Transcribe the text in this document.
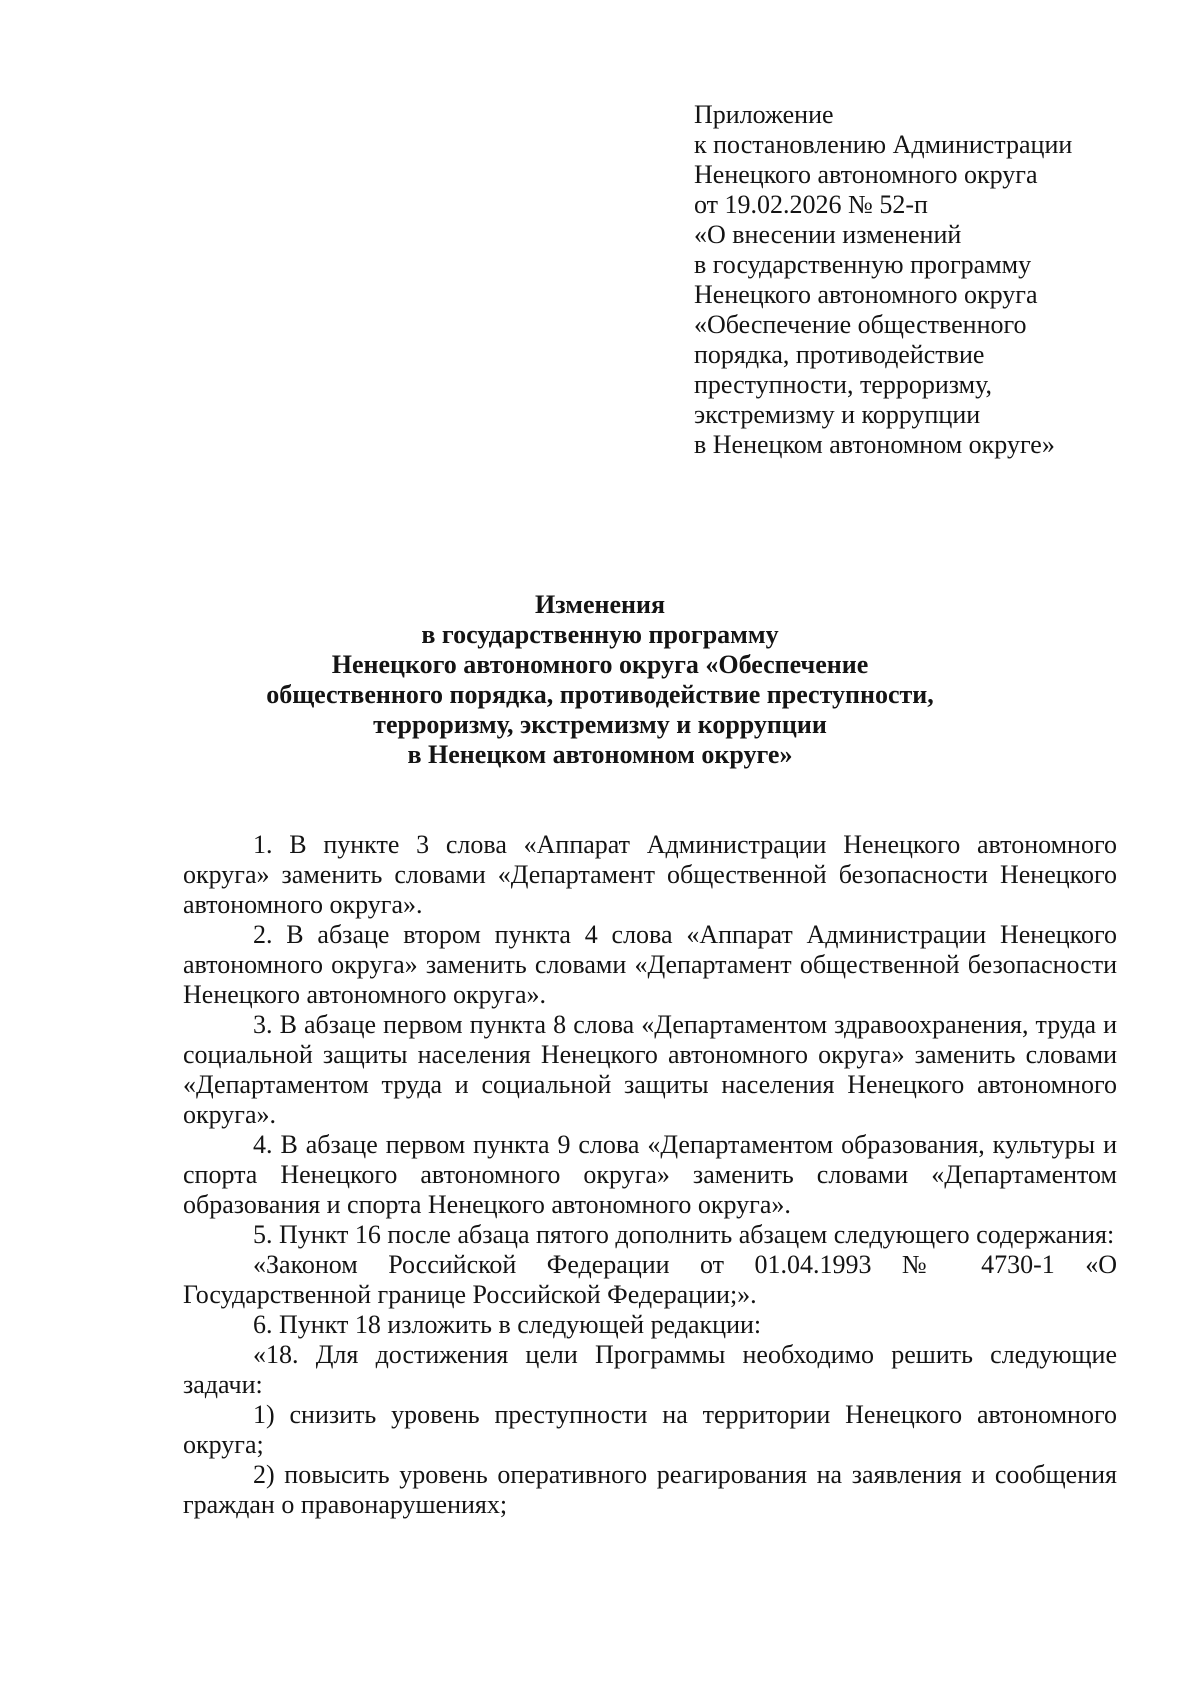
Приложение
к постановлению Администрации
Ненецкого автономного округа
от 19.02.2026 № 52-п
«О внесении изменений
в государственную программу
Ненецкого автономного округа
«Обеспечение общественного
порядка, противодействие
преступности, терроризму,
экстремизму и коррупции
в Ненецком автономном округе»
Изменения
в государственную программу
Ненецкого автономного округа «Обеспечение
общественного порядка, противодействие преступности,
терроризму, экстремизму и коррупции
в Ненецком автономном округе»

1. В пункте 3 слова «Аппарат Администрации Ненецкого автономного округа» заменить словами «Департамент общественной безопасности Ненецкого автономного округа».

2. В абзаце втором пункта 4 слова «Аппарат Администрации Ненецкого автономного округа» заменить словами «Департамент общественной безопасности Ненецкого автономного округа».

3. В абзаце первом пункта 8 слова «Департаментом здравоохранения, труда и социальной защиты населения Ненецкого автономного округа» заменить словами «Департаментом труда и социальной защиты населения Ненецкого автономного округа».

4. В абзаце первом пункта 9 слова «Департаментом образования, культуры и спорта Ненецкого автономного округа» заменить словами «Департаментом образования и спорта Ненецкого автономного округа».

5. Пункт 16 после абзаца пятого дополнить абзацем следующего содержания:

«Законом Российской Федерации от 01.04.1993 № 4730-1 «О Государственной границе Российской Федерации;».

6. Пункт 18 изложить в следующей редакции:

«18. Для достижения цели Программы необходимо решить следующие задачи:

1) снизить уровень преступности на территории Ненецкого автономного округа;

2) повысить уровень оперативного реагирования на заявления и сообщения граждан о правонарушениях;
